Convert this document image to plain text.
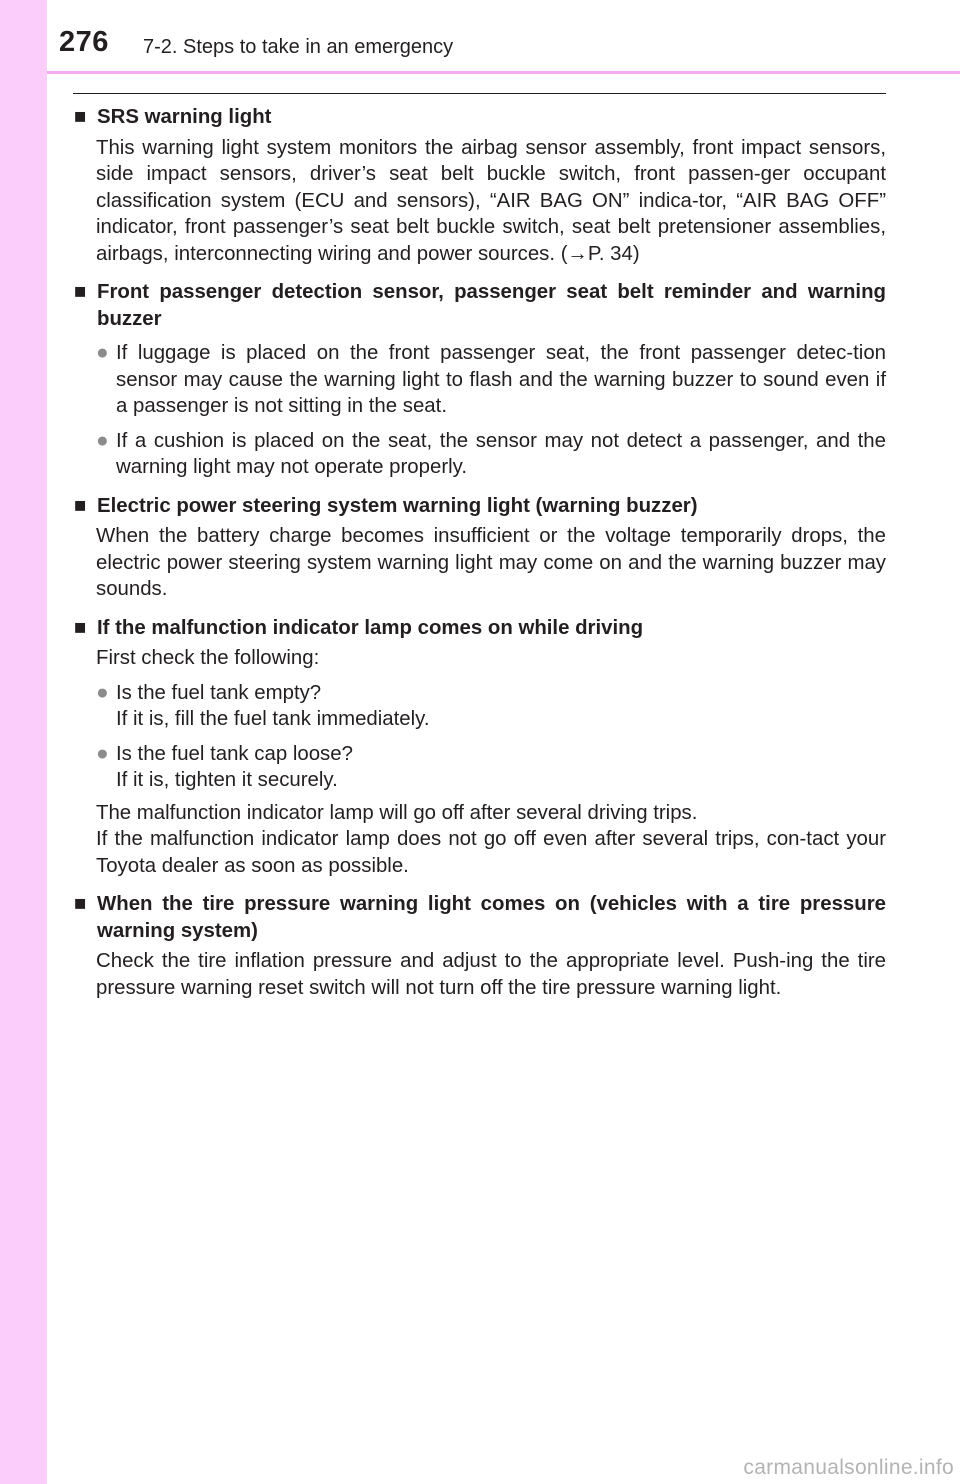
276 7-2. Steps to take in an emergency

■ SRS warning light

This warning light system monitors the airbag sensor assembly, front impact sensors, side impact sensors, driver’s seat belt buckle switch, front passen-ger occupant classification system (ECU and sensors), “AIR BAG ON” indica-tor, “AIR BAG OFF” indicator, front passenger’s seat belt buckle switch, seat belt pretensioner assemblies, airbags, interconnecting wiring and power sources. (→P. 34)

■ Front passenger detection sensor, passenger seat belt reminder and warning buzzer

● If luggage is placed on the front passenger seat, the front passenger detec-tion sensor may cause the warning light to flash and the warning buzzer to sound even if a passenger is not sitting in the seat.
● If a cushion is placed on the seat, the sensor may not detect a passenger, and the warning light may not operate properly.

■ Electric power steering system warning light (warning buzzer)

When the battery charge becomes insufficient or the voltage temporarily drops, the electric power steering system warning light may come on and the warning buzzer may sounds.

■ If the malfunction indicator lamp comes on while driving

First check the following:

● Is the fuel tank empty?
If it is, fill the fuel tank immediately.
● Is the fuel tank cap loose?
If it is, tighten it securely.

The malfunction indicator lamp will go off after several driving trips.
If the malfunction indicator lamp does not go off even after several trips, con-tact your Toyota dealer as soon as possible.

■ When the tire pressure warning light comes on (vehicles with a tire pressure warning system)

Check the tire inflation pressure and adjust to the appropriate level. Push-ing the tire pressure warning reset switch will not turn off the tire pressure warning light.

carmanualsonline.info
